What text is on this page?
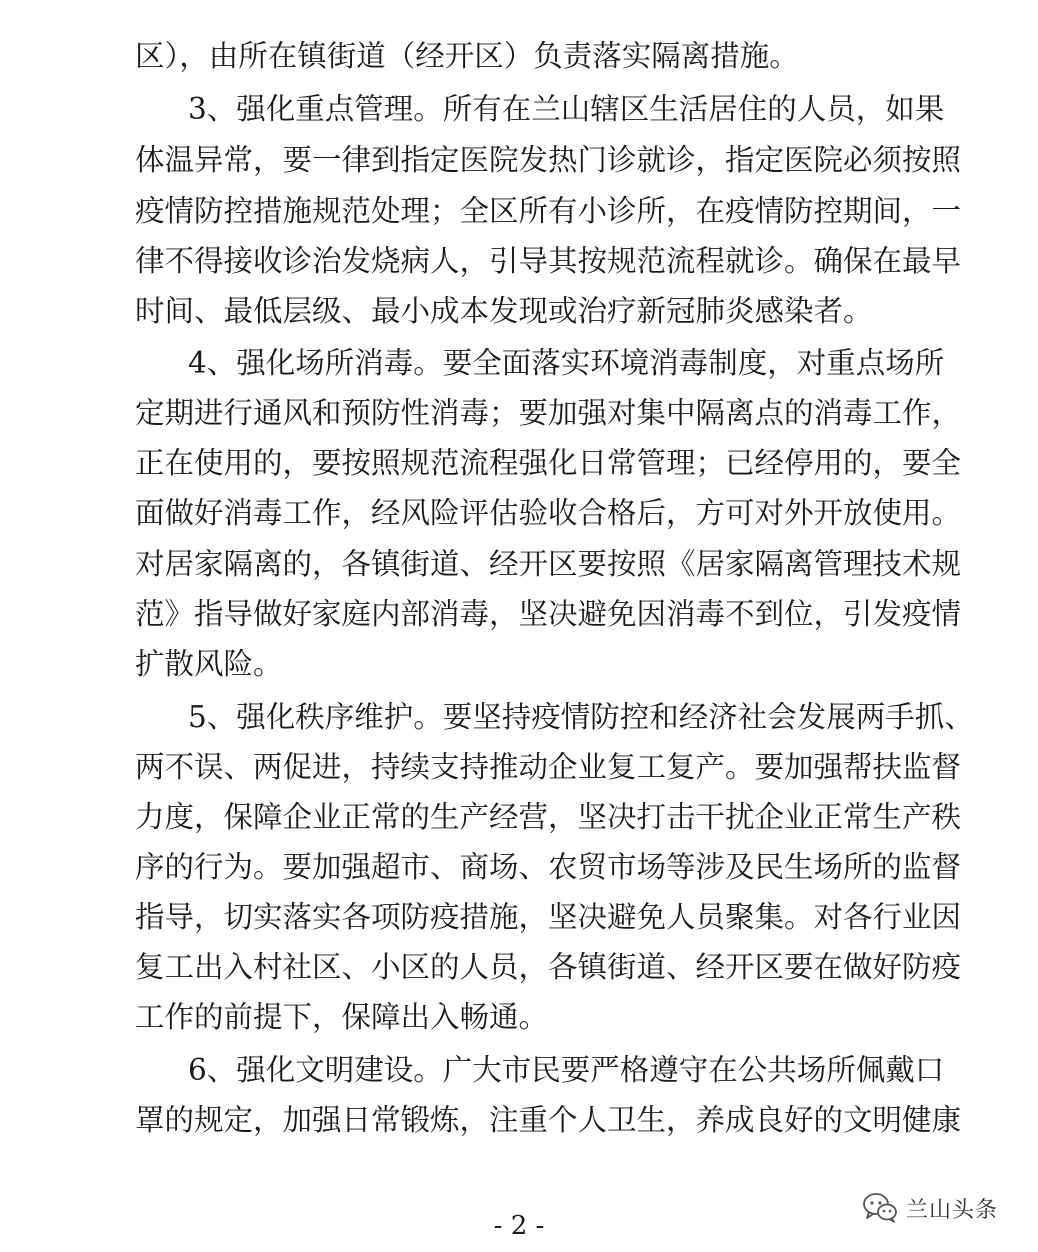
区），由所在镇街道（经开区）负责落实隔离措施。
3、强化重点管理。所有在兰山辖区生活居住的人员，如果
体温异常，要一律到指定医院发热门诊就诊，指定医院必须按照
疫情防控措施规范处理；全区所有小诊所，在疫情防控期间，一
律不得接收诊治发烧病人，引导其按规范流程就诊。确保在最早
时间、最低层级、最小成本发现或治疗新冠肺炎感染者。
4、强化场所消毒。要全面落实环境消毒制度，对重点场所
定期进行通风和预防性消毒；要加强对集中隔离点的消毒工作，
正在使用的，要按照规范流程强化日常管理；已经停用的，要全
面做好消毒工作，经风险评估验收合格后，方可对外开放使用。
对居家隔离的，各镇街道、经开区要按照《居家隔离管理技术规
范》指导做好家庭内部消毒，坚决避免因消毒不到位，引发疫情
扩散风险。
5、强化秩序维护。要坚持疫情防控和经济社会发展两手抓、
两不误、两促进，持续支持推动企业复工复产。要加强帮扶监督
力度，保障企业正常的生产经营，坚决打击干扰企业正常生产秩
序的行为。要加强超市、商场、农贸市场等涉及民生场所的监督
指导，切实落实各项防疫措施，坚决避免人员聚集。对各行业因
复工出入村社区、小区的人员，各镇街道、经开区要在做好防疫
工作的前提下，保障出入畅通。
6、强化文明建设。广大市民要严格遵守在公共场所佩戴口
罩的规定，加强日常锻炼，注重个人卫生，养成良好的文明健康
- 2 -
兰山头条
